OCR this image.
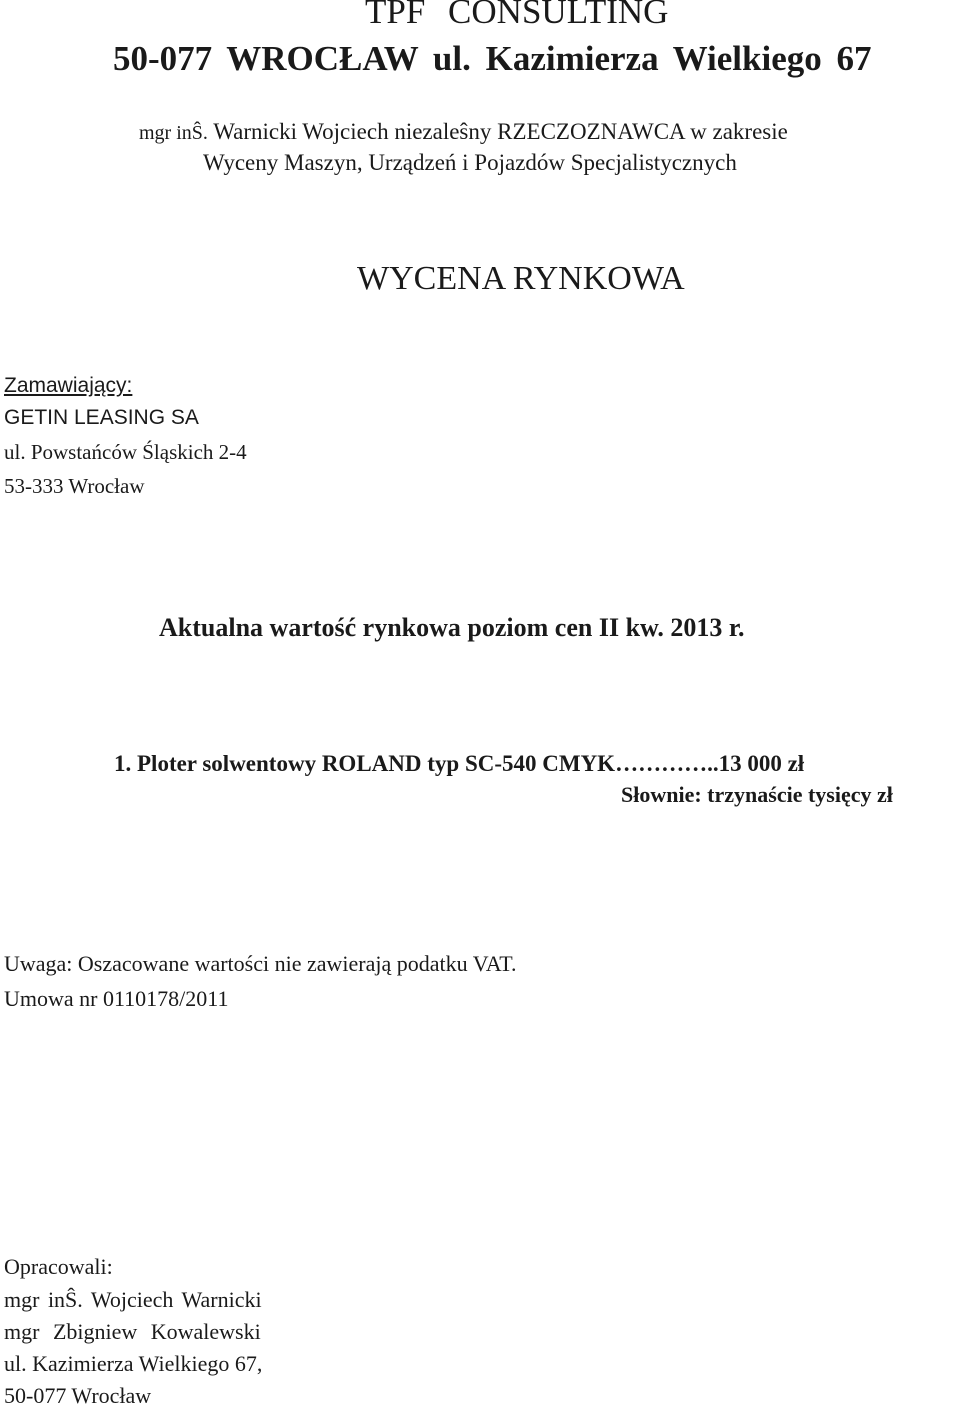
TPF CONSULTING
50-077 WROCŁAW ul. Kazimierza Wielkiego 67
mgr inŜ. Warnicki Wojciech niezaleŝny RZECZOZNAWCA w zakresie
Wyceny Maszyn, Urządzeń i Pojazdów Specjalistycznych
WYCENA RYNKOWA
Zamawiający:
GETIN LEASING SA
ul. Powstańców Śląskich 2-4
53-333 Wrocław
Aktualna wartość rynkowa poziom cen II kw. 2013 r.
1. Ploter solwentowy ROLAND typ SC-540 CMYK…………..13 000 zł
Słownie: trzynaście tysięcy zł
Uwaga: Oszacowane wartości nie zawierają podatku VAT.
Umowa nr 0110178/2011
Opracowali:
mgr inŜ. Wojciech Warnicki
mgr Zbigniew Kowalewski
ul. Kazimierza Wielkiego 67,
50-077 Wrocław
